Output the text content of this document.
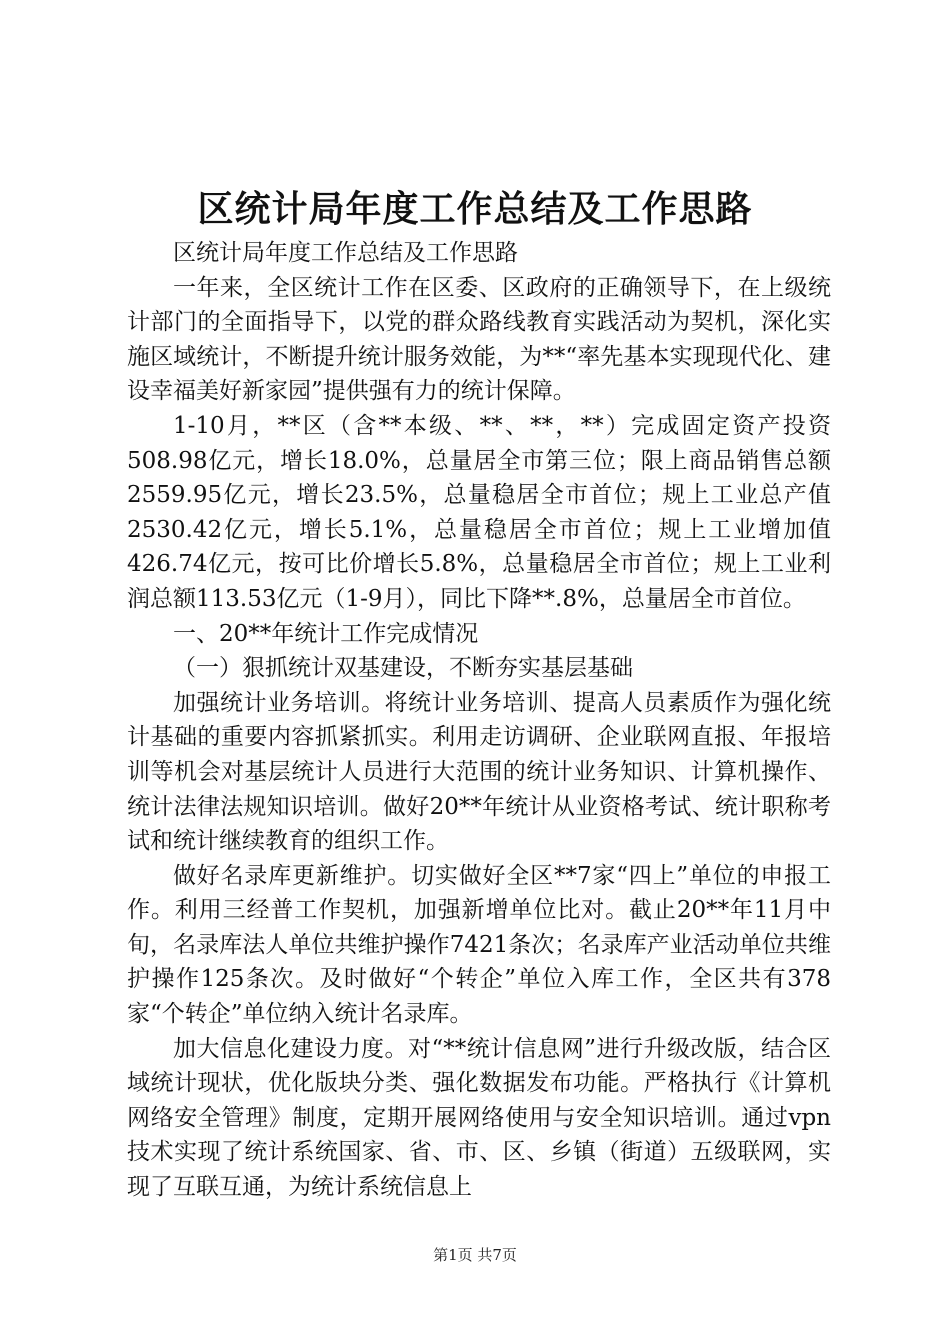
区统计局年度工作总结及工作思路

区统计局年度工作总结及工作思路

一年来，全区统计工作在区委、区政府的正确领导下，在上级统计部门的全面指导下，以党的群众路线教育实践活动为契机，深化实施区域统计，不断提升统计服务效能，为**“率先基本实现现代化、建设幸福美好新家园”提供强有力的统计保障。

1-10月，**区（含**本级、**、**，**）完成固定资产投资508.98亿元，增长18.0%，总量居全市第三位；限上商品销售总额2559.95亿元，增长23.5%，总量稳居全市首位；规上工业总产值2530.42亿元，增长5.1%，总量稳居全市首位；规上工业增加值426.74亿元，按可比价增长5.8%，总量稳居全市首位；规上工业利润总额113.53亿元（1-9月），同比下降**.8%，总量居全市首位。

一、20**年统计工作完成情况

（一）狠抓统计双基建设，不断夯实基层基础

加强统计业务培训。将统计业务培训、提高人员素质作为强化统计基础的重要内容抓紧抓实。利用走访调研、企业联网直报、年报培训等机会对基层统计人员进行大范围的统计业务知识、计算机操作、统计法律法规知识培训。做好20**年统计从业资格考试、统计职称考试和统计继续教育的组织工作。

做好名录库更新维护。切实做好全区**7家“四上”单位的申报工作。利用三经普工作契机，加强新增单位比对。截止20**年11月中旬，名录库法人单位共维护操作7421条次；名录库产业活动单位共维护操作125条次。及时做好“个转企”单位入库工作，全区共有378家“个转企”单位纳入统计名录库。

加大信息化建设力度。对“**统计信息网”进行升级改版，结合区域统计现状，优化版块分类、强化数据发布功能。严格执行《计算机网络安全管理》制度，定期开展网络使用与安全知识培训。通过vpn技术实现了统计系统国家、省、市、区、乡镇（街道）五级联网，实现了互联互通，为统计系统信息上

第1页 共7页
